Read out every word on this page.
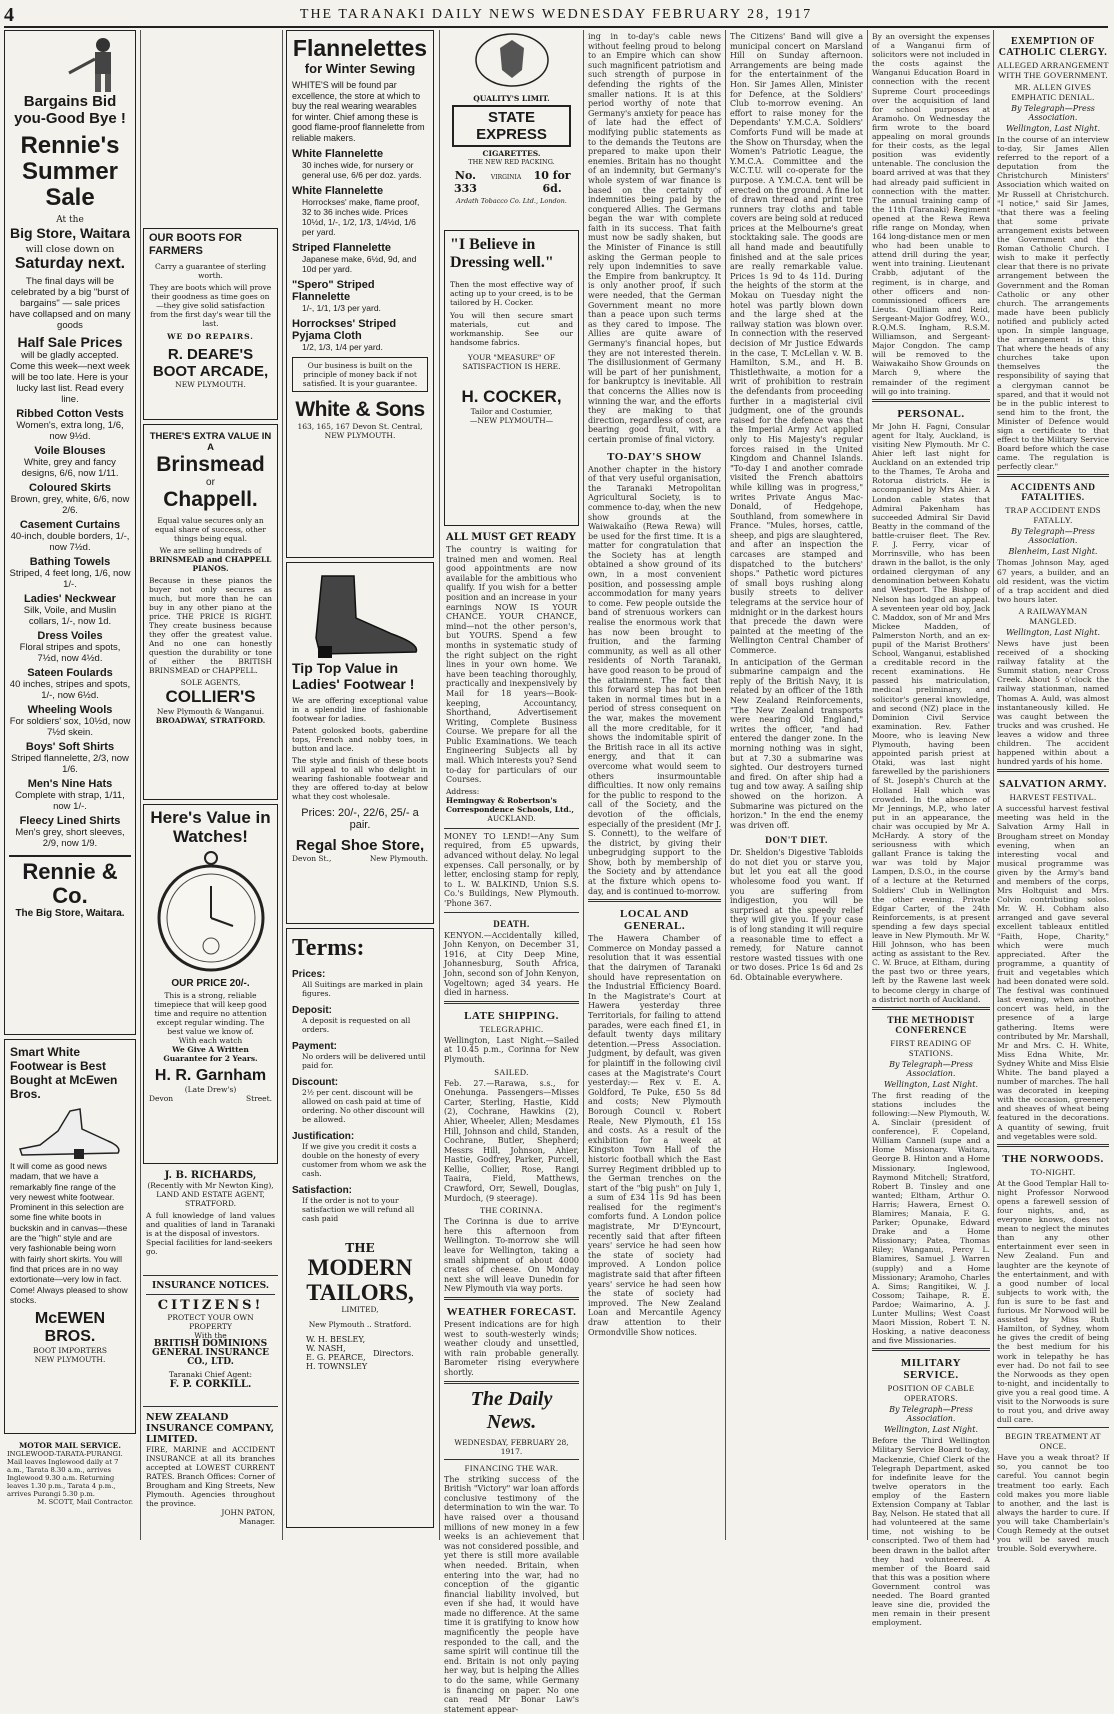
4	THE TARANAKI DAILY NEWS WEDNESDAY FEBRUARY 28, 1917
Bargains Bid you-Good Bye !
Rennie's
Summer
Sale
At the
Big Store, Waitara
will close down on
Saturday next.
The final days will be celebrated by a big "burst of bargains" — sale prices have collapsed and on many goods
Half Sale Prices
will be gladly accepted. Come this week—next week will be too late. Here is your lucky last list. Read every line.
Ribbed Cotton Vests
Women's, extra long, 1/6, now 9½d.
Voile Blouses
White, grey and fancy designs, 6/6, now 1/11.
Coloured Skirts
Brown, grey, white, 6/6, now 2/6.
Casement Curtains
40-inch, double borders, 1/-, now 7½d.
Bathing Towels
Striped, 4 feet long, 1/6, now 1/-.
Ladies' Neckwear
Silk, Voile, and Muslin collars, 1/-, now 1d.
Dress Voiles
Floral stripes and spots, 7½d, now 4½d.
Sateen Foulards
40 inches, stripes and spots, 1/-, now 6½d.
Wheeling Wools
For soldiers' sox, 10½d, now 7½d skein.
Boys' Soft Shirts
Striped flannelette, 2/3, now 1/6.
Men's Nine Hats
Complete with strap, 1/11, now 1/-.
Fleecy Lined Shirts
Men's grey, short sleeves, 2/9, now 1/9.
Rennie & Co.
The Big Store, Waitara.
Smart White Footwear is Best Bought at McEwen Bros.
It will come as good news madam, that we have a remarkably fine range of the very newest white footwear. Prominent in this selection are some fine white boots in buckskin and in canvas—these are the "high" style and are very fashionable being worn with fairly short skirts. You will find that prices are in no way extortionate—very low in fact. Come! Always pleased to show stocks.
McEWEN BROS.
BOOT IMPORTERS
NEW PLYMOUTH.
MOTOR MAIL SERVICE.
INGLEWOOD-TARATA-PURANGI. Mail leaves Inglewood daily at 7 a.m., Tarata 8.30 a.m., arrives Inglewood 9.30 a.m. Returning leaves 1.30 p.m., Tarata 4 p.m., arrives Purangi 5.30 p.m.
M. SCOTT, Mail Contractor.
OUR BOOTS FOR FARMERS
Carry a guarantee of sterling worth.
They are boots which will prove their goodness as time goes on—they give solid satisfaction from the first day's wear till the last.
WE DO REPAIRS.
R. DEARE'S BOOT ARCADE,
NEW PLYMOUTH.
THERE'S EXTRA VALUE IN A
Brinsmead
or
Chappell.
Equal value secures only an equal share of success, other things being equal.
We are selling hundreds of
BRINSMEAD and CHAPPELL PIANOS.
Because in these pianos the buyer not only secures as much, but more than he can buy in any other piano at the price. THE PRICE IS RIGHT. They create business because they offer the greatest value. And no one can honestly question the durability or tone of either the BRITISH BRINSMEAD or CHAPPELL.
SOLE AGENTS,
COLLIER'S
New Plymouth & Wanganui.
BROADWAY, STRATFORD.
Here's Value in Watches!
OUR PRICE 20/-.
This is a strong, reliable timepiece that will keep good time and require no attention except regular winding. The best value we know of.
With each watch
We Give A Written Guarantee for 2 Years.
H. R. Garnham
(Late Drew's)
Devon	Street.
J. B. RICHARDS,
(Recently with Mr Newton King), LAND AND ESTATE AGENT, STRATFORD.
A full knowledge of land values and qualities of land in Taranaki is at the disposal of investors.
Special facilities for land-seekers go.
INSURANCE NOTICES.
CITIZENS!
PROTECT YOUR OWN PROPERTY
With the
BRITISH DOMINIONS GENERAL INSURANCE CO., LTD.
Taranaki Chief Agent:
F. P. CORKILL.
NEW ZEALAND INSURANCE COMPANY, LIMITED.
FIRE, MARINE and ACCIDENT INSURANCE at all its branches accepted at LOWEST CURRENT RATES. Branch Offices: Corner of Brougham and King Streets, New Plymouth. Agencies throughout the province.
JOHN PATON,
Manager.
Flannelettes
for Winter Sewing
WHITE'S will be found par excellence, the store at which to buy the real wearing wearables for winter. Chief among these is good flame-proof flannelette from reliable makers.
White Flannelette
30 inches wide, for nursery or general use, 6/6 per doz. yards.
White Flannelette
Horrockses' make, flame proof, 32 to 36 inches wide. Prices 10½d, 1/-, 1/2, 1/3, 1/4½d, 1/6 per yard.
Striped Flannelette
Japanese make, 6½d, 9d, and 10d per yard.
"Spero" Striped Flannelette
1/-, 1/1, 1/3 per yard.
Horrockses' Striped Pyjama Cloth
1/2, 1/3, 1/4 per yard.
Our business is built on the principle of money back if not satisfied. It is your guarantee.
White & Sons
163, 165, 167 Devon St. Central,
NEW PLYMOUTH.
Tip Top Value in Ladies' Footwear !
We are offering exceptional value in a splendid line of fashionable footwear for ladies.
Patent golosked boots, gaberdine tops, French and nobby toes, in button and lace.
The style and finish of these boots will appeal to all who delight in wearing fashionable footwear and they are offered to-day at below what they cost wholesale.
Prices: 20/-, 22/6, 25/- a pair.
Regal Shoe Store,
Devon St.,	New Plymouth.
Terms:
Prices:
All Suitings are marked in plain figures.
Deposit:
A deposit is requested on all orders.
Payment:
No orders will be delivered until paid for.
Discount:
2½ per cent. discount will be allowed on cash paid at time of ordering. No other discount will be allowed.
Justification:
If we give you credit it costs a double on the honesty of every customer from whom we ask the cash.
Satisfaction:
If the order is not to your satisfaction we will refund all cash paid
THE
MODERN
TAILORS,
LIMITED,
New Plymouth .. Stratford.
W. H. BESLEY,
W. NASH,
E. G. PEARCE,
H. TOWNSLEY
Directors.
QUALITY'S LIMIT.
STATE EXPRESS
CIGARETTES.
THE NEW RED PACKING.
No. 333
VIRGINIA	10 for 6d.
Ardath Tobacco Co. Ltd., London.
"I Believe in Dressing well."
Then the most effective way of acting up to your creed, is to be tailored by H. Cocker.
You will then secure smart materials, cut and workmanship. See our handsome fabrics.
YOUR "MEASURE" OF SATISFACTION IS HERE.
H. COCKER,
Tailor and Costumier,
—NEW PLYMOUTH—
ALL MUST GET READY
The country is waiting for trained men and women. Real good appointments are now available for the ambitious who qualify. If you wish for a better position and an increase in your earnings NOW IS YOUR CHANCE. YOUR CHANCE, mind—not the other person's, but YOURS. Spend a few months in systematic study of the right subject on the right lines in your own home. We have been teaching thoroughly, practically and inexpensively by Mail for 18 years—Book-keeping, Accountancy, Shorthand, Advertisement Writing, Complete Business Course. We prepare for all the Public Examinations. We teach Engineering Subjects all by mail. Which interests you? Send to-day for particulars of our Courses.
Address:
Hemingway & Robertson's Correspondence Schools, Ltd.,
AUCKLAND.
MONEY TO LEND!—Any Sum required, from £5 upwards, advanced without delay. No legal expenses. Call personally, or by letter, enclosing stamp for reply, to L. W. BALKIND, Union S.S. Co.'s Buildings, New Plymouth. 'Phone 367.
DEATH.
KENYON.—Accidentally killed, John Kenyon, on December 31, 1916, at City Deep Mine, Johannesburg, South Africa, John, second son of John Kenyon, Vogeltown; aged 34 years. He died in harness.
LATE SHIPPING.
TELEGRAPHIC.
Wellington, Last Night.—Sailed at 10.45 p.m., Corinna for New Plymouth.
SAILED.
Feb. 27.—Rarawa, s.s., for Onehunga. Passengers—Misses Carter, Sterling, Hastie, Kidd (2), Cochrane, Hawkins (2), Ahier, Wheeler, Allen; Mesdames Hill, Johnson and child, Standen, Cochrane, Butler, Shepherd; Messrs Hill, Johnson, Ahier, Hastie, Godfrey, Parker, Purcell, Kellie, Collier, Rose, Rangi Taaira, Field, Matthews, Crawford, Orr, Sewell, Douglas, Murdoch, (9 steerage).
THE CORINNA.
The Corinna is due to arrive here this afternoon from Wellington. To-morrow she will leave for Wellington, taking a small shipment of about 4000 crates of cheese. On Monday next she will leave Dunedin for New Plymouth via way ports.
WEATHER FORECAST.
Present indications are for high west to south-westerly winds; weather cloudy and unsettled, with rain probable generally. Barometer rising everywhere shortly.
The Daily News.
WEDNESDAY, FEBRUARY 28, 1917.
FINANCING THE WAR.
The striking success of the British "Victory" war loan affords conclusive testimony of the determination to win the war. To have raised over a thousand millions of new money in a few weeks is an achievement that was not considered possible, and yet there is still more available when needed. Britain, when entering into the war, had no conception of the gigantic financial liability involved, but even if she had, it would have made no difference. At the same time it is gratifying to know how magnificently the people have responded to the call, and the same spirit will continue till the end. Britain is not only paying her way, but is helping the Allies to do the same, while Germany is financing on paper. No one can read Mr Bonar Law's statement appear-
ing in to-day's cable news without feeling proud to belong to an Empire which can show such magnificent patriotism and such strength of purpose in defending the rights of the smaller nations. It is at this period worthy of note that Germany's anxiety for peace has of late had the effect of modifying public statements as to the demands the Teutons are prepared to make upon their enemies. Britain has no thought of an indemnity, but Germany's whole system of war finance is based on the certainty of indemnities being paid by the conquered Allies. The Germans began the war with complete faith in its success. That faith must now be sadly shaken, but the Minister of Finance is still asking the German people to rely upon indemnities to save the Empire from bankruptcy. It is only another proof, if such were needed, that the German Government meant no more than a peace upon such terms as they cared to impose. The Allies are quite aware of Germany's financial hopes, but they are not interested therein. The disillusionment of Germany will be part of her punishment, for bankruptcy is inevitable. All that concerns the Allies now is winning the war, and the efforts they are making to that direction, regardless of cost, are bearing good fruit, with a certain promise of final victory.
TO-DAY'S SHOW
Another chapter in the history of that very useful organisation, the Taranaki Metropolitan Agricultural Society, is to commence to-day, when the new show grounds at the Waiwakaiho (Rewa Rewa) will be used for the first time. It is a matter for congratulation that the Society has at length obtained a show ground of its own, in a most convenient position, and possessing ample accommodation for many years to come. Few people outside the band of strenuous workers can realise the enormous work that has now been brought to fruition, and the farming community, as well as all other residents of North Taranaki, have good reason to be proud of the attainment. The fact that this forward step has not been taken in normal times but in a period of stress consequent on the war, makes the movement all the more creditable, for it shows the indomitable spirit of the British race in all its active energy, and that it can overcome what would seem to others insurmountable difficulties. It now only remains for the public to respond to the call of the Society, and the devotion of the officials, especially of the president (Mr J. S. Connett), to the welfare of the district, by giving their unbegrudging support to the Show, both by membership of the Society and by attendance at the fixture which opens to-day, and is continued to-morrow.
LOCAL AND GENERAL.
The Hawera Chamber of Commerce on Monday passed a resolution that it was essential that the dairymen of Taranaki should have representation on the Industrial Efficiency Board. In the Magistrate's Court at Hawera yesterday three Territorials, for failing to attend parades, were each fined £1, in default twenty days military detention.—Press Association. Judgment, by default, was given for plaintiff in the following civil cases at the Magistrate's Court yesterday:— Rex v. E. A. Goldford, Te Puke, £50 5s 8d and costs; New Plymouth Borough Council v. Robert Reale, New Plymouth, £1 15s and costs. As a result of the exhibition for a week at Kingston Town Hall of the historic football which the East Surrey Regiment dribbled up to the German trenches on the start of the "big push" on July 1, a sum of £34 11s 9d has been realised for the regiment's comforts fund. A London police magistrate, Mr D'Eyncourt, recently said that after fifteen years' service he had seen how the state of society had improved. A London police magistrate said that after fifteen years' service he had seen how the state of society had improved. The New Zealand Loan and Mercantile Agency draw attention to their Ormondville Show notices.
The Citizens' Band will give a municipal concert on Marsland Hill on Sunday afternoon. Arrangements are being made for the entertainment of the Hon. Sir James Allen, Minister for Defence, at the Soldiers' Club to-morrow evening. An effort to raise money for the Dependants' Y.M.C.A. Soldiers' Comforts Fund will be made at the Show on Thursday, when the Women's Patriotic League, the Y.M.C.A. Committee and the W.C.T.U. will co-operate for the purpose. A Y.M.C.A. tent will be erected on the ground. A fine lot of drawn thread and print tree runners tray cloths and table covers are being sold at reduced prices at the Melbourne's great stocktaking sale. The goods are all hand made and beautifully finished and at the sale prices are really remarkable value. Prices 1s 9d to 4s 11d. During the heights of the storm at the Mokau on Tuesday night the hotel was partly blown down and the large shed at the railway station was blown over. In connection with the reserved decision of Mr Justice Edwards in the case, T. McLellan v. W. B. Hamilton, S.M., and H. B. Thistlethwaite, a motion for a writ of prohibition to restrain the defendants from proceeding further in a magisterial civil judgment, one of the grounds raised for the defence was that the Imperial Army Act applied only to His Majesty's regular forces raised in the United Kingdom and Channel Islands. "To-day I and another comrade visited the French abattoirs while killing was in progress," writes Private Angus Mac-Donald, of Hedgehope, Southland, from somewhere in France. "Mules, horses, cattle, sheep, and pigs are slaughtered, and after an inspection the carcases are stamped and dispatched to the butchers' shops." Pathetic word pictures of small boys rushing along busily streets to deliver telegrams at the service hour of midnight or in the darkest hours that precede the dawn were painted at the meeting of the Wellington Central Chamber of Commerce.
In anticipation of the German submarine campaign and the reply of the British Navy, it is related by an officer of the 18th New Zealand Reinforcements, "The New Zealand transports were nearing Old England," writes the officer, "and had entered the danger zone. In the morning nothing was in sight, but at 7.30 a submarine was sighted. Our destroyers turned and fired. On after ship had a tug and tow away. A sailing ship showed on the horizon. A Submarine was pictured on the horizon." In the end the enemy was driven off.
DON'T DIET.
Dr. Sheldon's Digestive Tabloids do not diet you or starve you, but let you eat all the good wholesome food you want. If you are suffering from indigestion, you will be surprised at the speedy relief they will give you. If your case is of long standing it will require a reasonable time to effect a remedy, for Nature cannot restore wasted tissues with one or two doses. Price 1s 6d and 2s 6d. Obtainable everywhere.
By an oversight the expenses of a Wanganui firm of solicitors were not included in the costs against the Wanganui Education Board in connection with the recent Supreme Court proceedings over the acquisition of land for school purposes at Aramoho. On Wednesday the firm wrote to the board appealing on moral grounds for their costs, as the legal position was evidently untenable. The conclusion the board arrived at was that they had already paid sufficient in connection with the matter. The annual training camp of the 11th (Taranaki) Regiment opened at the Rewa Rewa rifle range on Monday, when 164 long-distance men or men who had been unable to attend drill during the year, went into training. Lieutenant Crabb, adjutant of the regiment, is in charge, and other officers and non-commissioned officers are Lieuts. Quilliam and Reid, Sergeant-Major Godfrey, W.O., R.Q.M.S. Ingham, R.S.M. Williamson, and Sergeant-Major Congdon. The camp will be removed to the Waiwakaiho Show Grounds on March 9, where the remainder of the regiment will go into training.
PERSONAL.
Mr John H. Fagni, Consular agent for Italy, Auckland, is visiting New Plymouth. Mr C. Ahier left last night for Auckland on an extended trip to the Thames, Te Aroha and Rotorua districts. He is accompanied by Mrs Ahier. A London cable states that Admiral Pakenham has succeeded Admiral Sir David Beatty in the command of the battle-cruiser fleet. The Rev. F. J. Ferry, vicar of Morrinsville, who has been drawn in the ballot, is the only ordained clergyman of any denomination between Kohatu and Westport. The Bishop of Nelson has lodged an appeal. A seventeen year old boy, Jack C. Maddox, son of Mr and Mrs Mickee Madden, of Palmerston North, and an ex-pupil of the Marist Brothers' School, Wanganui, established a creditable record in the recent examinations. He passed his matriculation, medical preliminary, and solicitor's general knowledge, and second (NZ) place in the Dominion Civil Service examination. Rev. Father Moore, who is leaving New Plymouth, having been appointed parish priest at Otaki, was last night farewelled by the parishioners of St. Joseph's Church at the Holland Hall which was crowded. In the absence of Mr Jennings, M.P., who later put in an appearance, the chair was occupied by Mr A. McHardy. A story of the seriousness with which gallant France is taking the war was told by Major Lampen, D.S.O., in the course of a lecture at the Returned Soldiers' Club in Wellington the other evening. Private Edgar Carter, of the 24th Reinforcements, is at present spending a few days special leave in New Plymouth. Mr W. Hill Johnson, who has been acting as assistant to the Rev. C. W. Bruce, at Eltham, during the past two or three years, left by the Rawene last week to become clergy in charge of a district north of Auckland.
THE METHODIST CONFERENCE
FIRST READING OF STATIONS.
By Telegraph—Press Association.
Wellington, Last Night.
The first reading of the stations includes the following:—New Plymouth, W. A. Sinclair (president of conference), F. Copeland, William Cannell (supe and a Home Missionary. Waitara, George B. Hinton and a Home Missionary. Inglewood, Raymond Mitchell; Stratford, Robert B. Tinsley and one wanted; Eltham, Arthur O. Harris; Hawera, Ernest O. Blamires; Manaia, F. G. Parker; Opunake, Edward Drake and a Home Missionary; Patea, Thomas Riley; Wanganui, Percy L. Blamires, Samuel J. Warren (supply) and a Home Missionary; Aramoho, Charles A. Sims; Rangitikei, W. J. Cossom; Taihape, R. E. Pardoe; Waimarino, A. J. Lunter Mullins; West Coast Maori Mission, Robert T. N. Hosking, a native deaconess and five Missionaries.
MILITARY SERVICE.
POSITION OF CABLE OPERATORS.
By Telegraph—Press Association.
Wellington, Last Night.
Before the Third Wellington Military Service Board to-day, Mackenzie, Chief Clerk of the Telegraph Department, asked for indefinite leave for the twelve operators in the employ of the Eastern Extension Company at Tablar Bay, Nelson. He stated that all had volunteered at the same time, not wishing to be conscripted. Two of them had been drawn in the ballot after they had volunteered. A member of the Board said that this was a position where Government control was needed. The Board granted leave sine die, provided the men remain in their present employment.
EXEMPTION OF CATHOLIC CLERGY.
ALLEGED ARRANGEMENT WITH THE GOVERNMENT.
MR. ALLEN GIVES EMPHATIC DENIAL.
By Telegraph—Press Association.
Wellington, Last Night.
In the course of an interview to-day, Sir James Allen referred to the report of a deputation from the Christchurch Ministers' Association which waited on Mr Russell at Christchurch. "I notice," said Sir James, "that there was a feeling that some private arrangement exists between the Government and the Roman Catholic Church. I wish to make it perfectly clear that there is no private arrangement between the Government and the Roman Catholic or any other church. The arrangements made have been publicly notified and publicly acted upon. In simple language, the arrangement is this: That where the heads of any churches take upon themselves the responsibility of saying that a clergyman cannot be spared, and that it would not be in the public interest to send him to the front, the Minister of Defence would sign a certificate to that effect to the Military Service Board before which the case came. The regulation is perfectly clear."
ACCIDENTS AND FATALITIES.
TRAP ACCIDENT ENDS FATALLY.
By Telegraph—Press Association.
Blenheim, Last Night.
Thomas Johnson May, aged 67 years, a builder, and an old resident, was the victim of a trap accident and died two hours later.
A RAILWAYMAN MANGLED.
Wellington, Last Night.
News have just been received of a shocking railway fatality at the Summit station, near Cross Creek. About 5 o'clock the railway stationman, named Thomas A. Auld, was almost instantaneously killed. He was caught between the trucks and was crushed. He leaves a widow and three children. The accident happened within about a hundred yards of his home.
SALVATION ARMY.
HARVEST FESTIVAL.
A successful harvest festival meeting was held in the Salvation Army Hall in Brougham street on Monday evening, when an interesting vocal and musical programme was given by the Army's band and members of the corps, Mrs Holtquist and Mrs. Colvin contributing solos. Mr. W. H. Cobham also arranged and gave several excellent tableaux entitled "Faith, Hope, Charity," which were much appreciated. After the programme, a quantity of fruit and vegetables which had been donated were sold. The festival was continued last evening, when another concert was held, in the presence of a large gathering. Items were contributed by Mr. Marshall, Mr and Mrs. C. H. White, Miss Edna White, Mr. Sydney White and Miss Elsie White. The band played a number of marches. The hall was decorated in keeping with the occasion, greenery and sheaves of wheat being featured in the decorations. A quantity of sewing, fruit and vegetables were sold.
THE NORWOODS.
TO-NIGHT.
At the Good Templar Hall to-night Professor Norwood opens a farewell session of four nights, and, as everyone knows, does not mean to neglect the minutes than any other entertainment ever seen in New Zealand. Fun and laughter are the keynote of the entertainment, and with a good number of local subjects to work with, the fun is sure to be fast and furious. Mr Norwood will be assisted by Miss Ruth Hamilton, of Sydney, whom he gives the credit of being the best medium for his work in telepathy he has ever had. Do not fail to see the Norwoods as they open to-night, and incidentally to give you a real good time. A visit to the Norwoods is sure to rout you, and drive away dull care.
BEGIN TREATMENT AT ONCE.
Have you a weak throat? If so, you cannot be too careful. You cannot begin treatment too early. Each cold makes you more liable to another, and the last is always the harder to cure. If you will take Chamberlain's Cough Remedy at the outset you will be saved much trouble. Sold everywhere.
